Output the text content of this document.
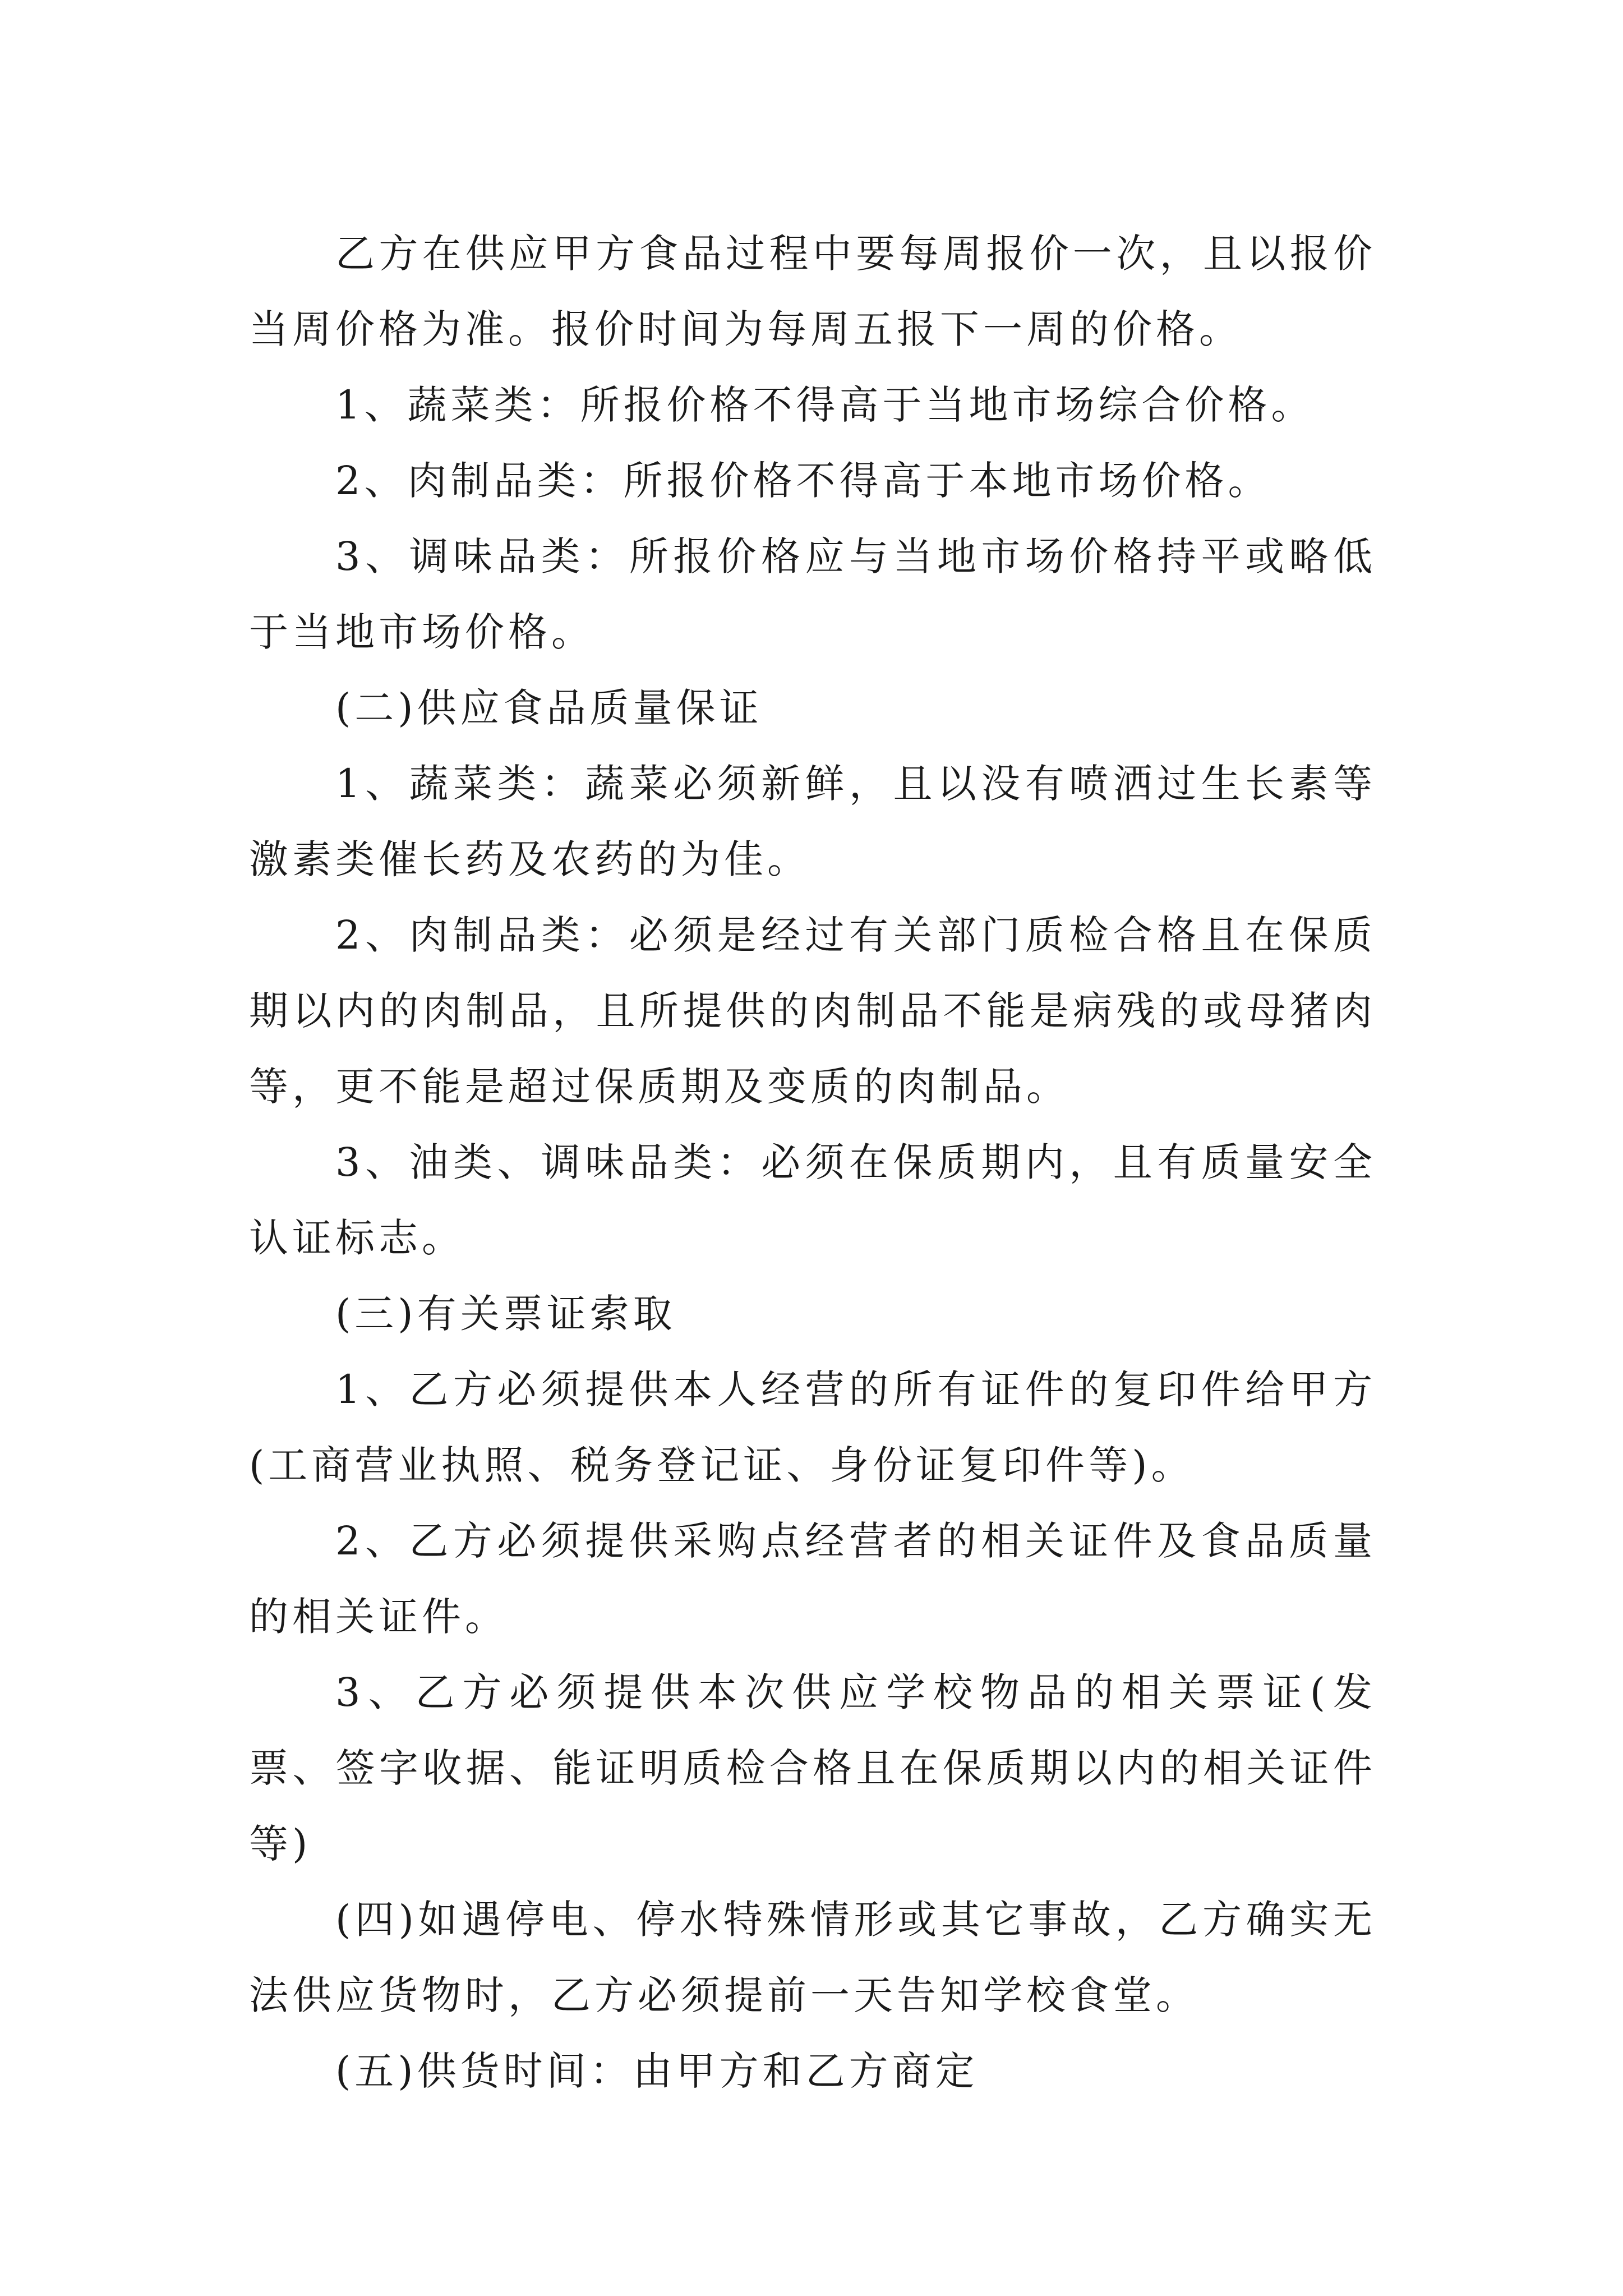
乙方在供应甲方食品过程中要每周报价一次，且以报价当周价格为准。报价时间为每周五报下一周的价格。

1、蔬菜类：所报价格不得高于当地市场综合价格。

2、肉制品类：所报价格不得高于本地市场价格。

3、调味品类：所报价格应与当地市场价格持平或略低于当地市场价格。

(二)供应食品质量保证

1、蔬菜类：蔬菜必须新鲜，且以没有喷洒过生长素等激素类催长药及农药的为佳。

2、肉制品类：必须是经过有关部门质检合格且在保质期以内的肉制品，且所提供的肉制品不能是病残的或母猪肉等，更不能是超过保质期及变质的肉制品。

3、油类、调味品类：必须在保质期内，且有质量安全认证标志。

(三)有关票证索取

1、乙方必须提供本人经营的所有证件的复印件给甲方(工商营业执照、税务登记证、身份证复印件等)。

2、乙方必须提供采购点经营者的相关证件及食品质量的相关证件。

3、乙方必须提供本次供应学校物品的相关票证(发票、签字收据、能证明质检合格且在保质期以内的相关证件等)

(四)如遇停电、停水特殊情形或其它事故，乙方确实无法供应货物时，乙方必须提前一天告知学校食堂。

(五)供货时间：由甲方和乙方商定
